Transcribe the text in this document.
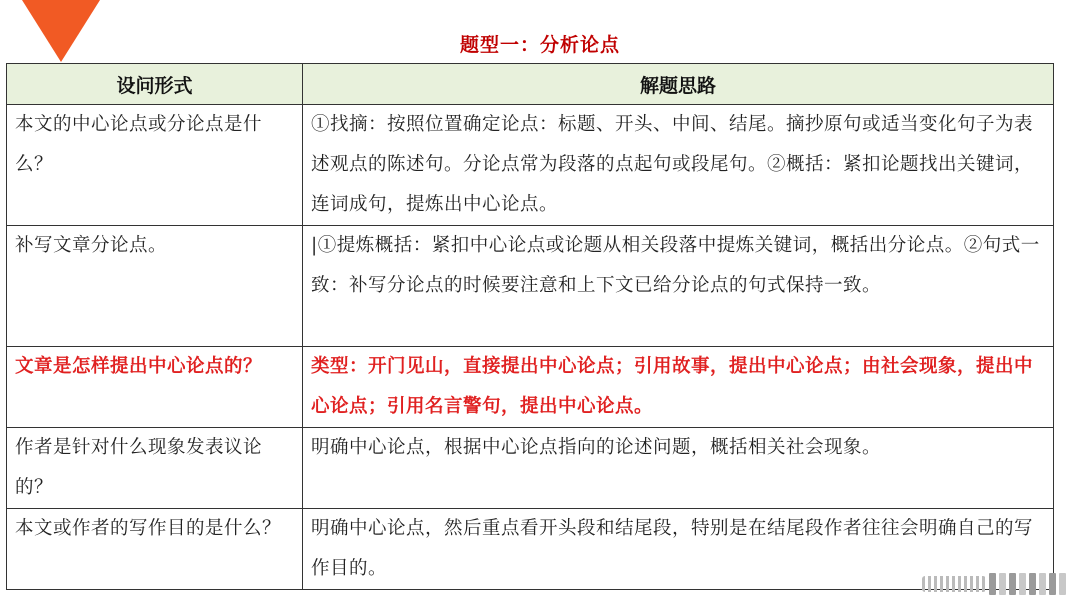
题型一：分析论点
设问形式	解题思路
本文的中心论点或分论点是什么？	①找摘：按照位置确定论点：标题、开头、中间、结尾。摘抄原句或适当变化句子为表述观点的陈述句。分论点常为段落的点起句或段尾句。②概括：紧扣论题找出关键词，连词成句，提炼出中心论点。
补写文章分论点。	|①提炼概括：紧扣中心论点或论题从相关段落中提炼关键词，概括出分论点。②句式一致：补写分论点的时候要注意和上下文已给分论点的句式保持一致。
文章是怎样提出中心论点的？	类型：开门见山，直接提出中心论点；引用故事，提出中心论点；由社会现象，提出中心论点；引用名言警句，提出中心论点。
作者是针对什么现象发表议论的？	明确中心论点，根据中心论点指向的论述问题，概括相关社会现象。
本文或作者的写作目的是什么？	明确中心论点，然后重点看开头段和结尾段，特别是在结尾段作者往往会明确自己的写作目的。
